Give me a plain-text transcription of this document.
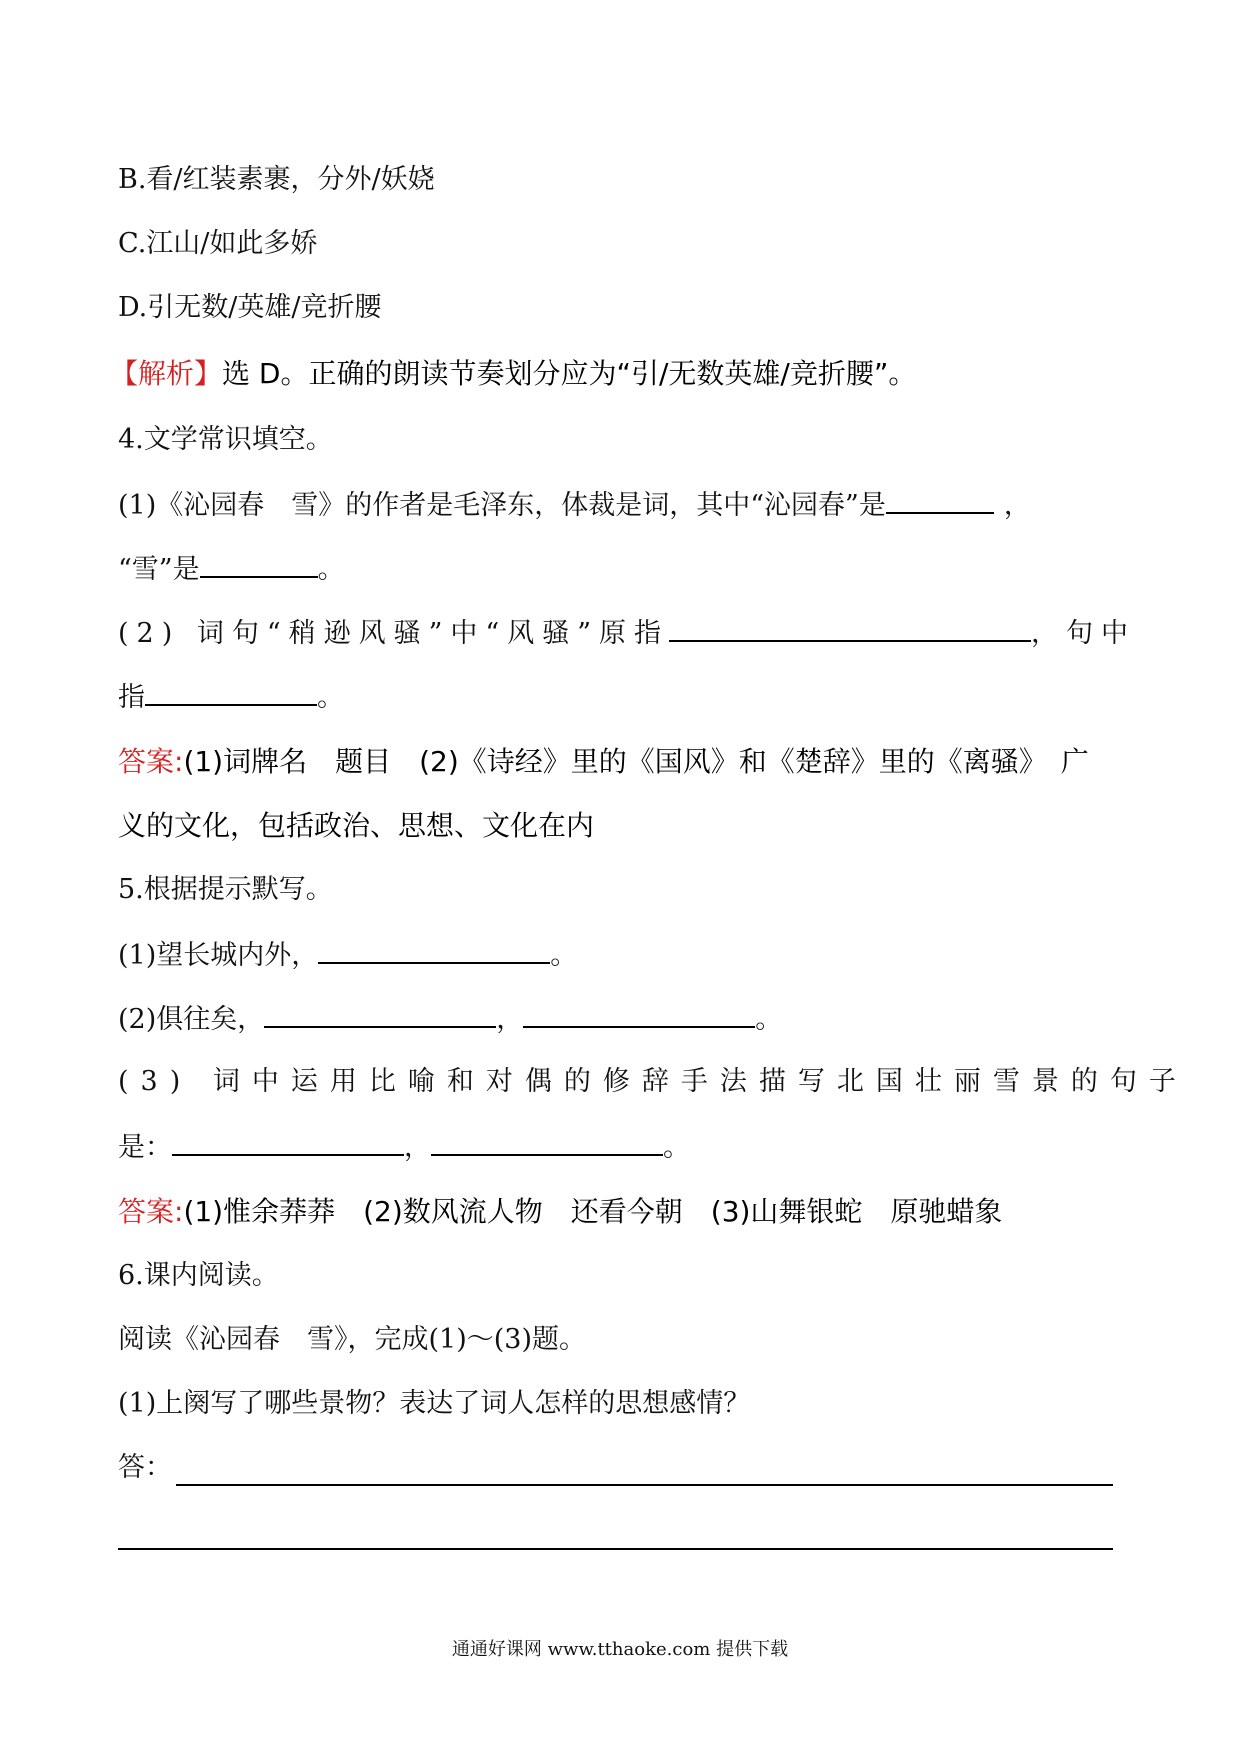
B.看/红装素裹，分外/妖娆
C.江山/如此多娇
D.引无数/英雄/竞折腰
【解析】选 D。正确的朗读节奏划分应为“引/无数英雄/竞折腰”。
4.文学常识填空。
(1)《沁园春　雪》的作者是毛泽东，体裁是词，其中“沁园春”是	，
“雪”是	。
(2) 词句“稍逊风骚”中“风骚”原指	，句中
指	。
答案:(1)词牌名　题目　(2)《诗经》里的《国风》和《楚辞》里的《离骚》　广
义的文化，包括政治、思想、文化在内
5.根据提示默写。
(1)望长城内外，	。
(2)俱往矣，	，	。
(3) 词中运用比喻和对偶的修辞手法描写北国壮丽雪景的句子
是：	，	。
答案:(1)惟余莽莽　(2)数风流人物　还看今朝　(3)山舞银蛇　原驰蜡象
6.课内阅读。
阅读《沁园春　雪》，完成(1)～(3)题。
(1)上阕写了哪些景物？表达了词人怎样的思想感情？
答：
通通好课网 www.tthaoke.com 提供下载
